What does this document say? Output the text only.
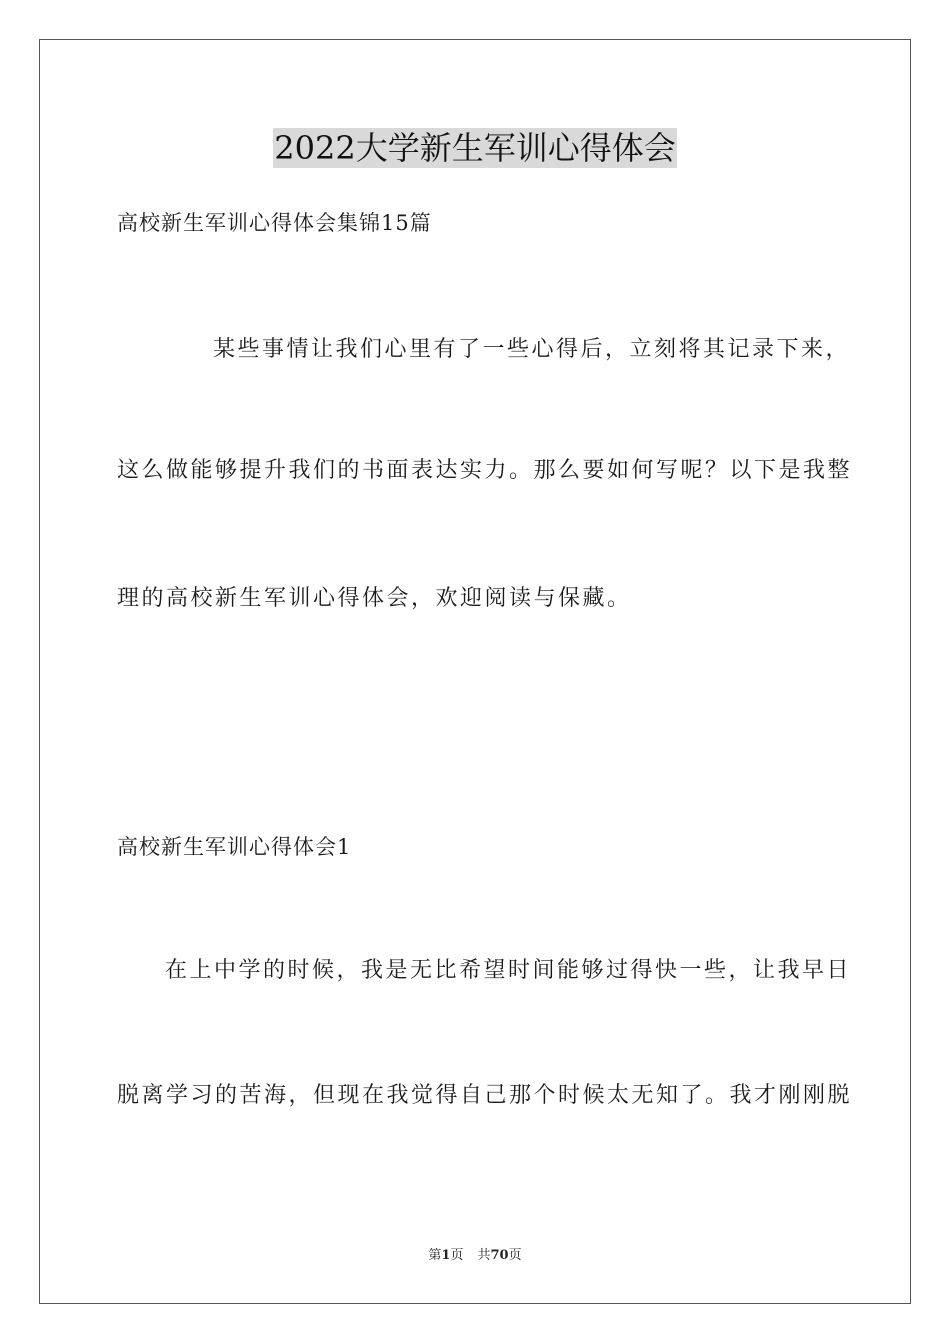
2022大学新生军训心得体会
高校新生军训心得体会集锦15篇
某些事情让我们心里有了一些心得后，立刻将其记录下来，
这么做能够提升我们的书面表达实力。那么要如何写呢？以下是我整
理的高校新生军训心得体会，欢迎阅读与保藏。
高校新生军训心得体会1
在上中学的时候，我是无比希望时间能够过得快一些，让我早日
脱离学习的苦海，但现在我觉得自己那个时候太无知了。我才刚刚脱
第1页 共70页
